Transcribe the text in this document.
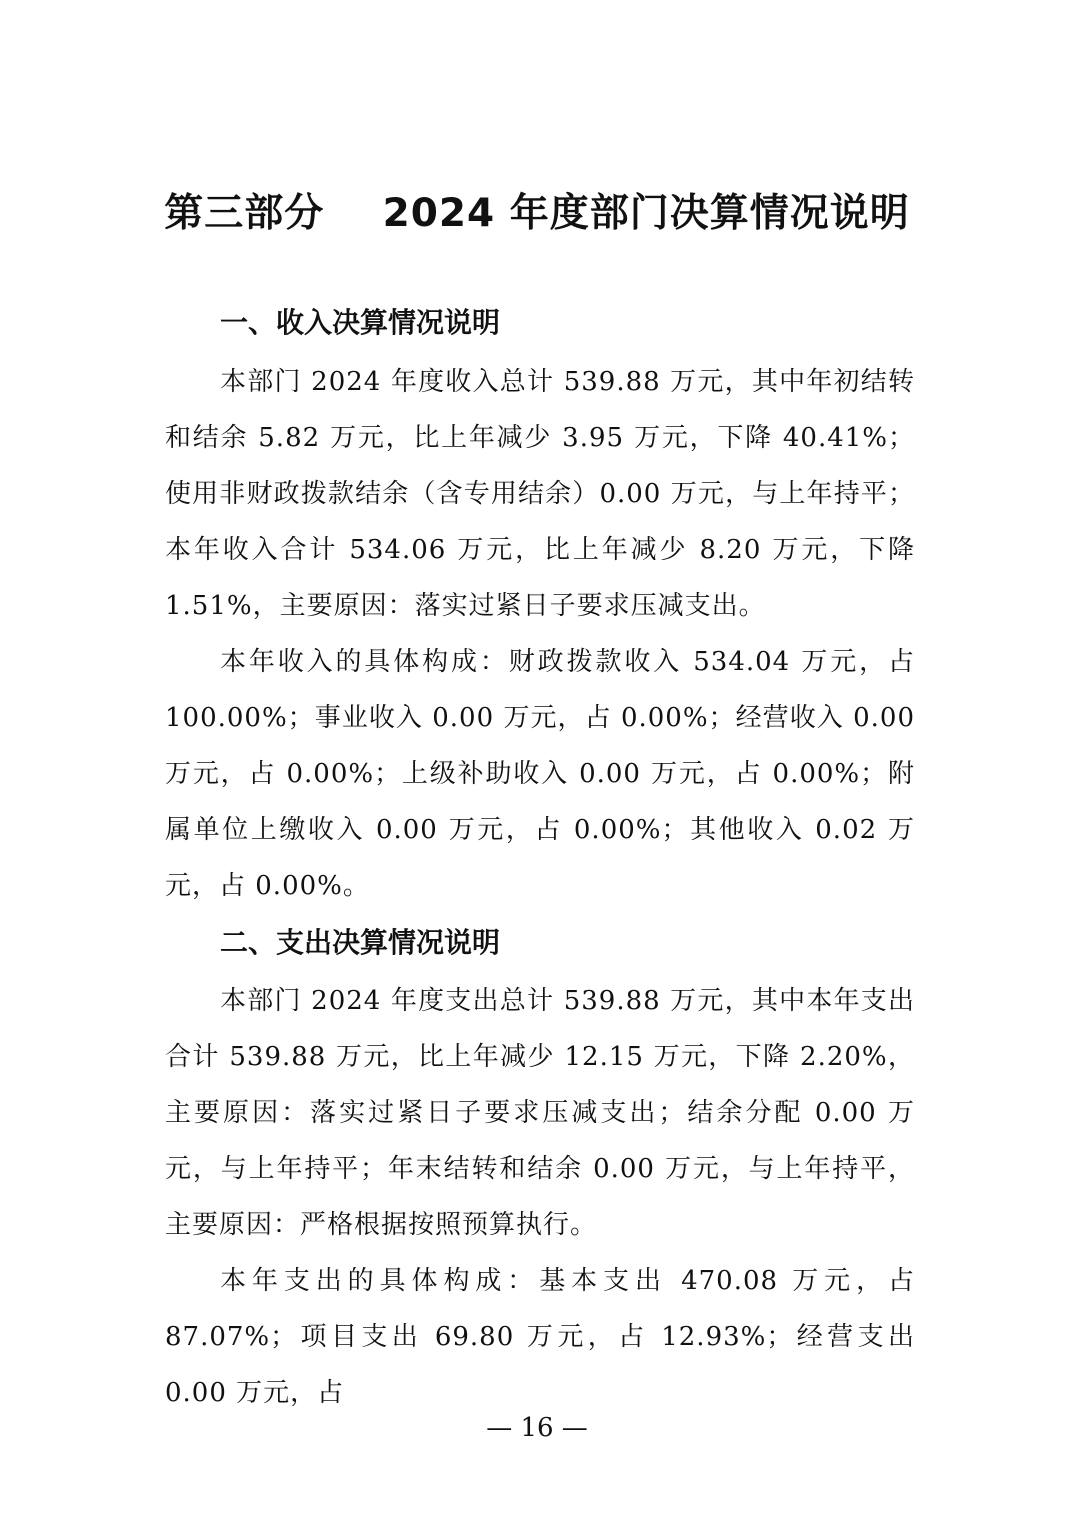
第三部分    2024 年度部门决算情况说明
一、收入决算情况说明

本部门 2024 年度收入总计 539.88 万元，其中年初结转和结余 5.82 万元，比上年减少 3.95 万元，下降 40.41%；使用非财政拨款结余（含专用结余）0.00 万元，与上年持平；本年收入合计 534.06 万元，比上年减少 8.20 万元，下降 1.51%，主要原因：落实过紧日子要求压减支出。

本年收入的具体构成：财政拨款收入 534.04 万元，占 100.00%；事业收入 0.00 万元，占 0.00%；经营收入 0.00 万元，占 0.00%；上级补助收入 0.00 万元，占 0.00%；附属单位上缴收入 0.00 万元，占 0.00%；其他收入 0.02 万元，占 0.00%。

二、支出决算情况说明

本部门 2024 年度支出总计 539.88 万元，其中本年支出合计 539.88 万元，比上年减少 12.15 万元，下降 2.20%，主要原因：落实过紧日子要求压减支出；结余分配 0.00 万元，与上年持平；年末结转和结余 0.00 万元，与上年持平，主要原因：严格根据按照预算执行。

本年支出的具体构成：基本支出 470.08 万元，占 87.07%；项目支出 69.80 万元，占 12.93%；经营支出 0.00 万元，占

— 16 —
